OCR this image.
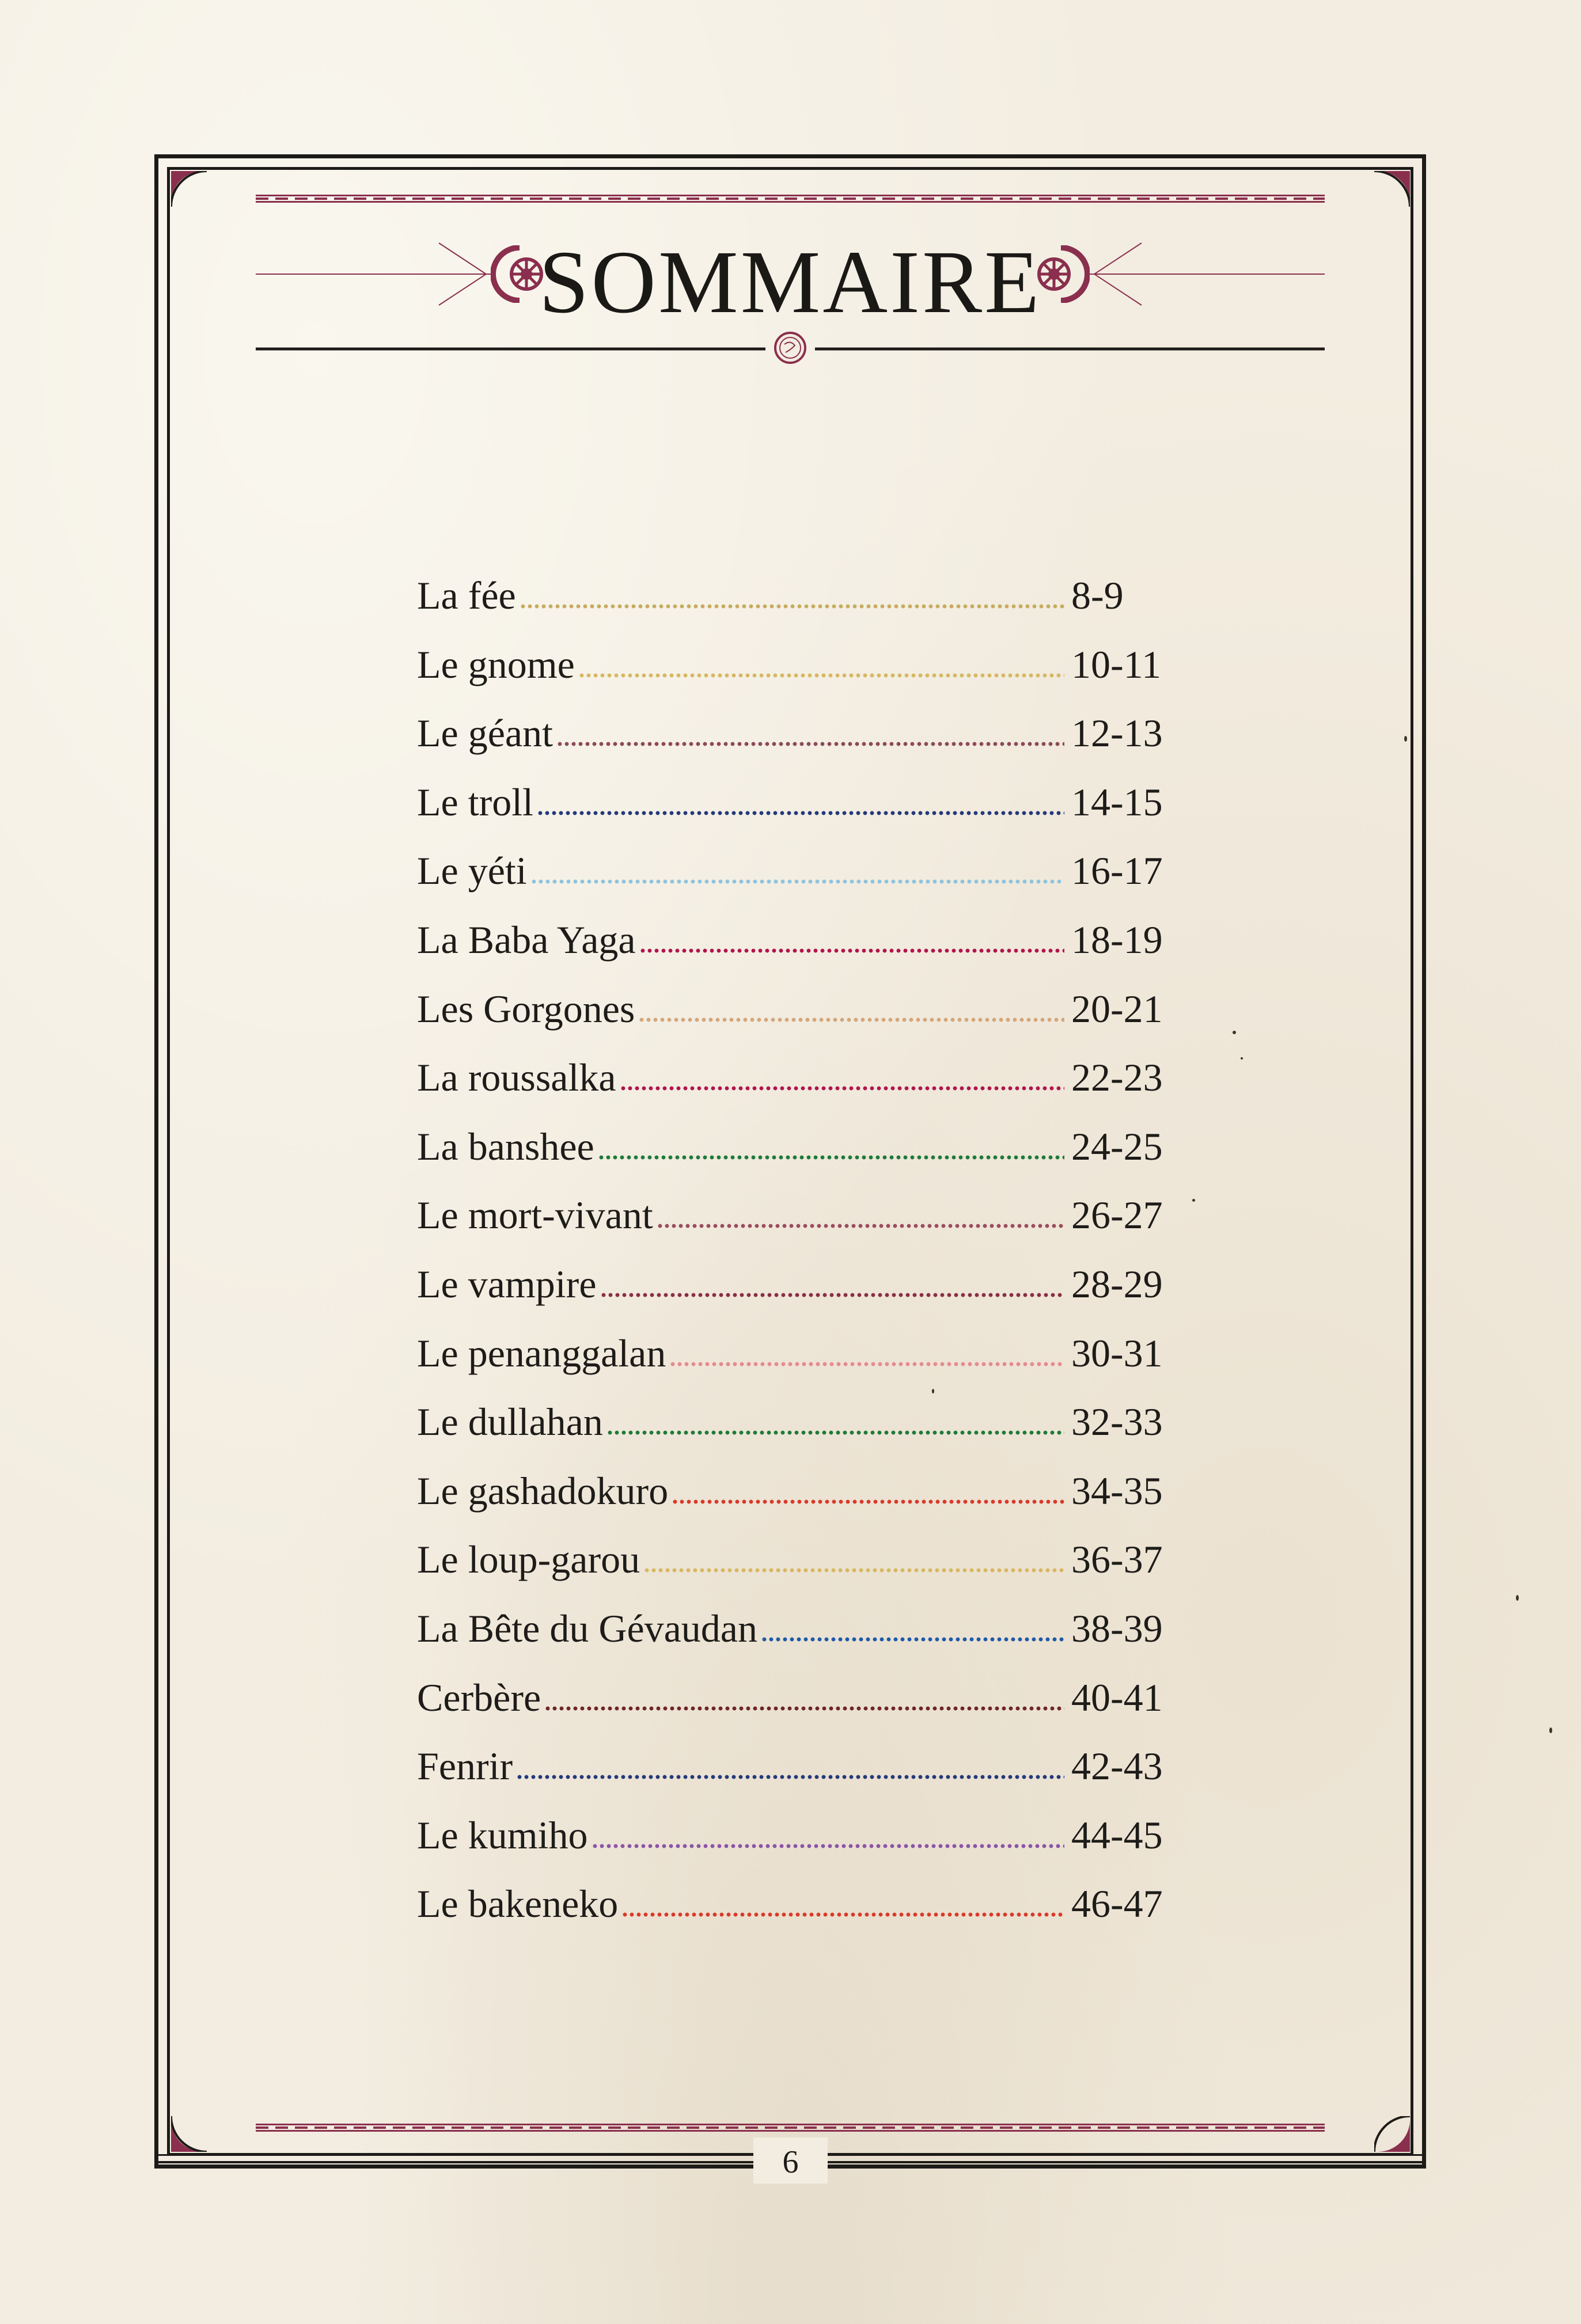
SOMMAIRE
La fée	8-9
Le gnome	10-11
Le géant	12-13
Le troll	14-15
Le yéti	16-17
La Baba Yaga	18-19
Les Gorgones	20-21
La roussalka	22-23
La banshee	24-25
Le mort-vivant	26-27
Le vampire	28-29
Le penanggalan	30-31
Le dullahan	32-33
Le gashadokuro	34-35
Le loup-garou	36-37
La Bête du Gévaudan	38-39
Cerbère	40-41
Fenrir	42-43
Le kumiho	44-45
Le bakeneko	46-47
6
